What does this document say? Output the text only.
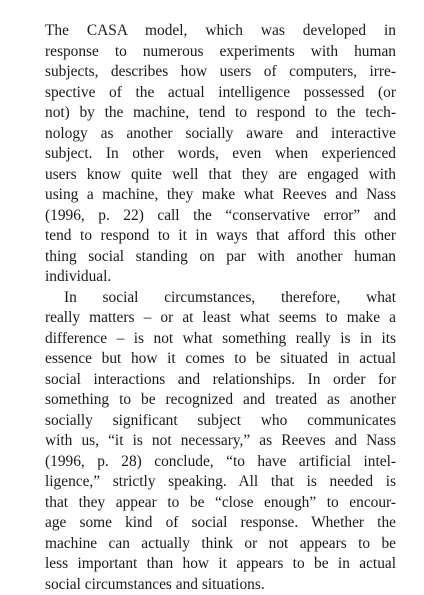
The CASA model, which was developed in
response to numerous experiments with human
subjects, describes how users of computers, irre-
spective of the actual intelligence possessed (or
not) by the machine, tend to respond to the tech-
nology as another socially aware and interactive
subject. In other words, even when experienced
users know quite well that they are engaged with
using a machine, they make what Reeves and Nass
(1996, p. 22) call the “conservative error” and
tend to respond to it in ways that afford this other
thing social standing on par with another human
individual.
In social circumstances, therefore, what
really matters – or at least what seems to make a
difference – is not what something really is in its
essence but how it comes to be situated in actual
social interactions and relationships. In order for
something to be recognized and treated as another
socially significant subject who communicates
with us, “it is not necessary,” as Reeves and Nass
(1996, p. 28) conclude, “to have artificial intel-
ligence,” strictly speaking. All that is needed is
that they appear to be “close enough” to encour-
age some kind of social response. Whether the
machine can actually think or not appears to be
less important than how it appears to be in actual
social circumstances and situations.
